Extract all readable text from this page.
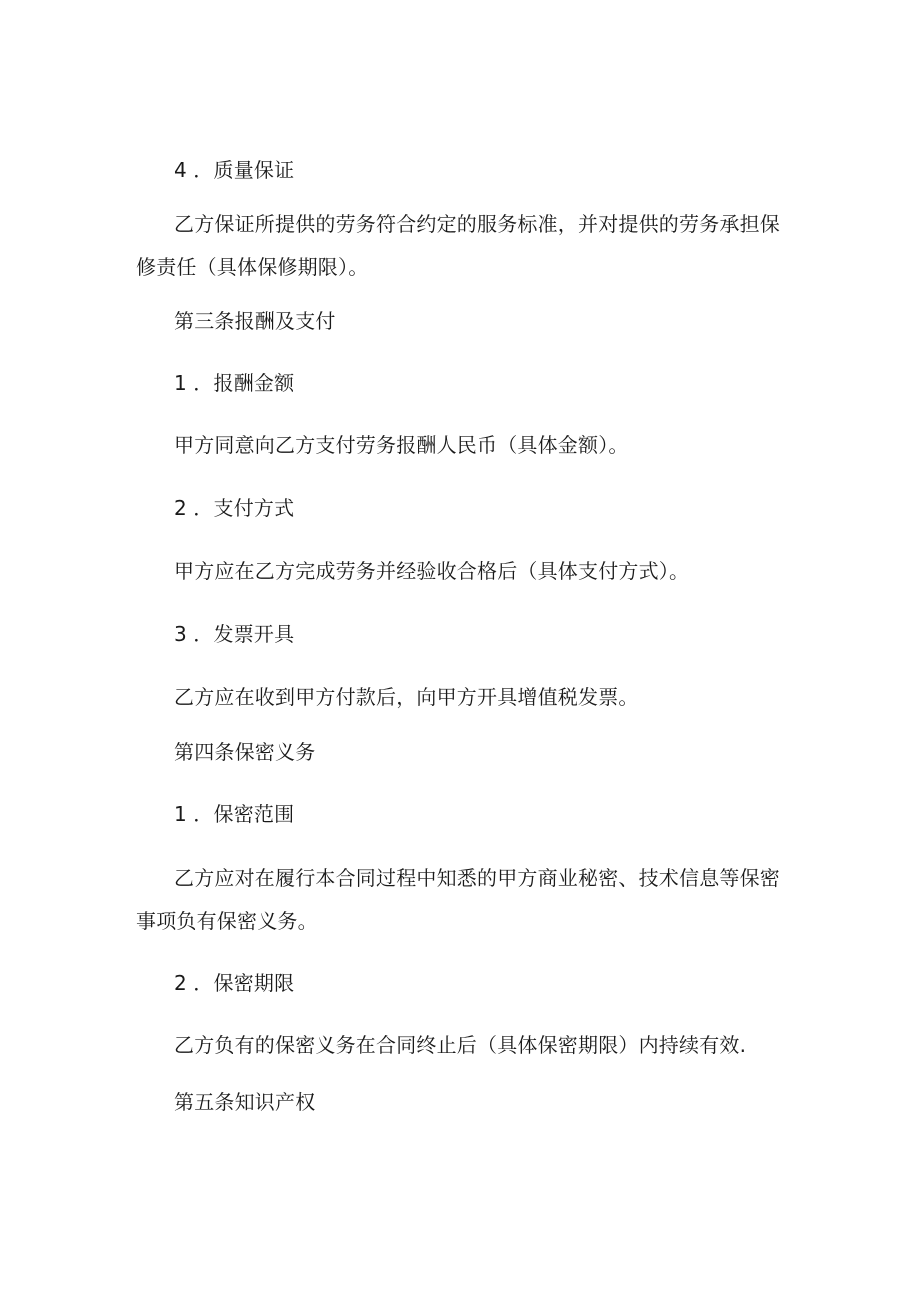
4 ．质量保证
乙方保证所提供的劳务符合约定的服务标准，并对提供的劳务承担保
修责任（具体保修期限）。
第三条报酬及支付
1 ．报酬金额
甲方同意向乙方支付劳务报酬人民币（具体金额）。
2 ．支付方式
甲方应在乙方完成劳务并经验收合格后（具体支付方式）。
3 ．发票开具
乙方应在收到甲方付款后，向甲方开具增值税发票。
第四条保密义务
1 ．保密范围
乙方应对在履行本合同过程中知悉的甲方商业秘密、技术信息等保密
事项负有保密义务。
2 ．保密期限
乙方负有的保密义务在合同终止后（具体保密期限）内持续有效.
第五条知识产权
